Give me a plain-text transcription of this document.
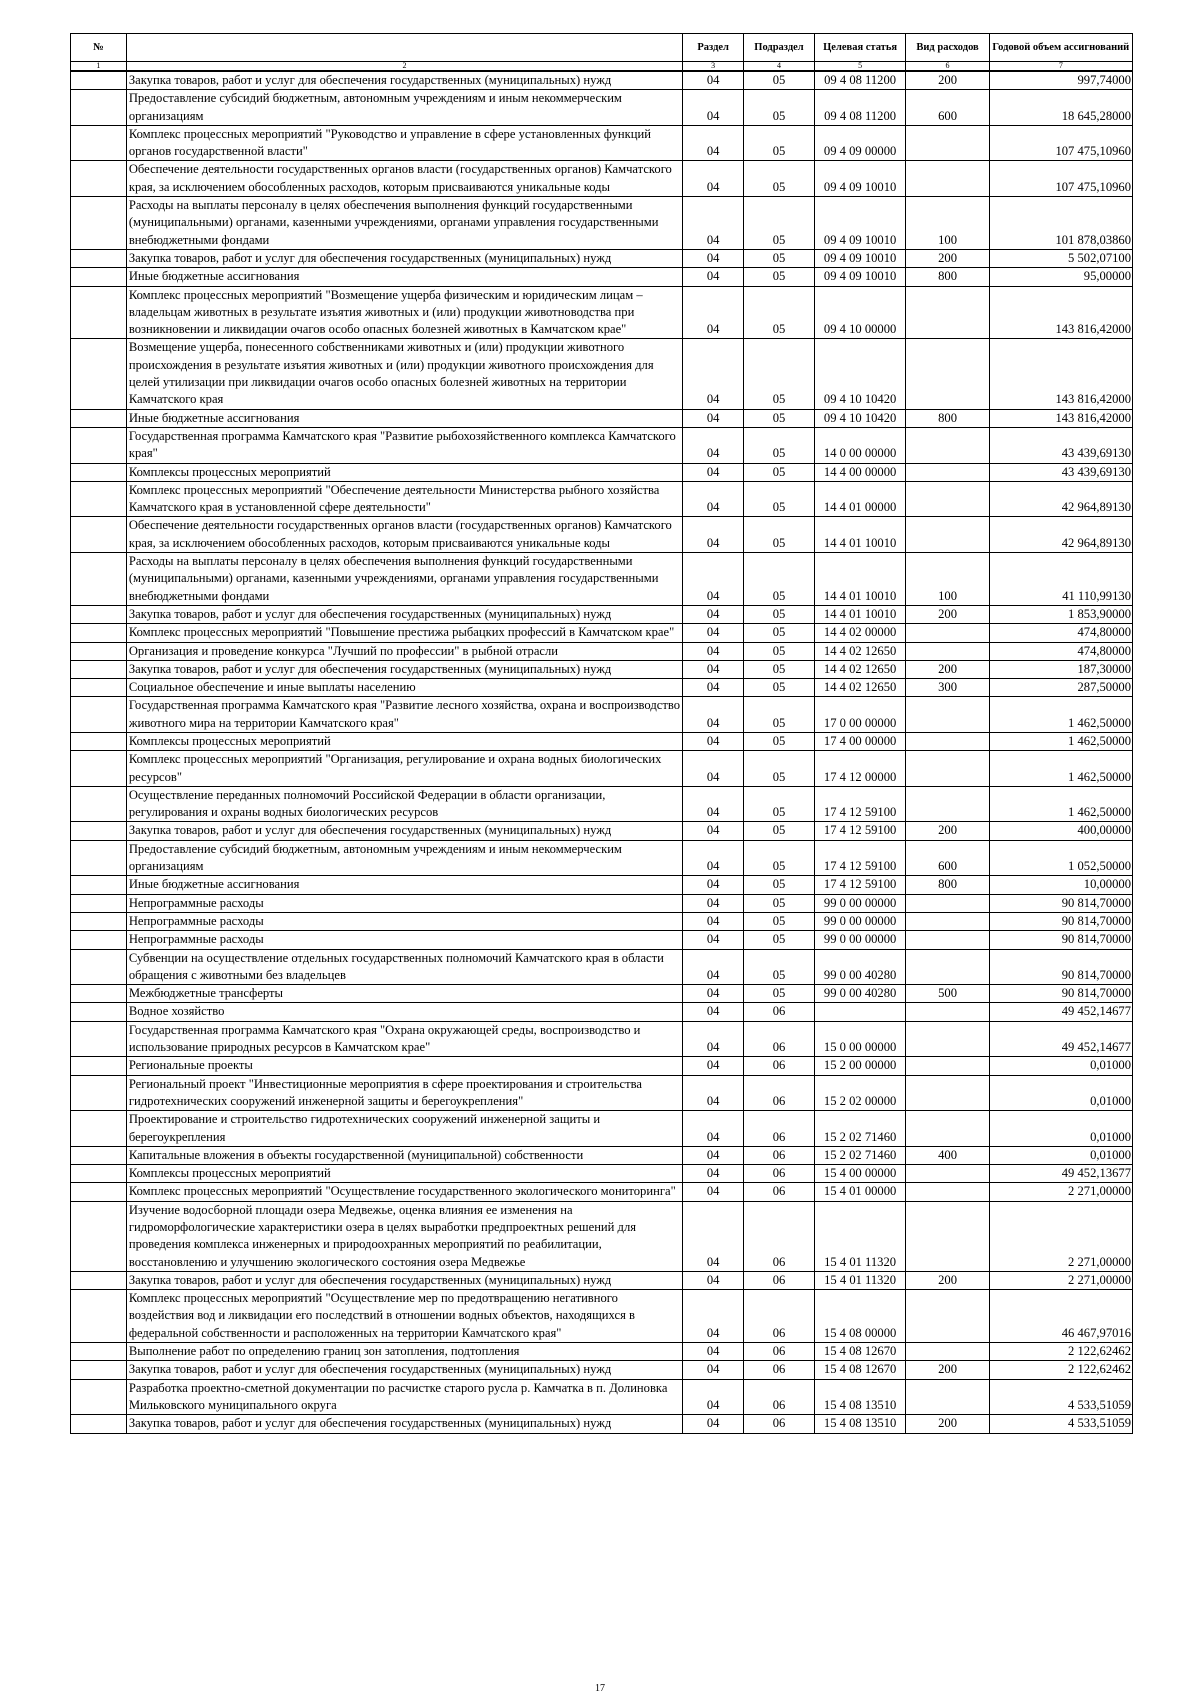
№		Раздел	Подраздел	Целевая статья	Вид расходов	Годовой объем ассигнований
1	2	3	4	5	6	7
	Закупка товаров, работ и услуг для обеспечения государственных (муниципальных) нужд	04	05	09 4 08 11200	200	997,74000
	Предоставление субсидий бюджетным, автономным учреждениям и иным некоммерческим организациям	04	05	09 4 08 11200	600	18 645,28000
	Комплекс процессных мероприятий "Руководство и управление в сфере установленных функций органов государственной власти"	04	05	09 4 09 00000		107 475,10960
	Обеспечение деятельности государственных органов власти (государственных органов) Камчатского края, за исключением обособленных расходов, которым присваиваются уникальные коды	04	05	09 4 09 10010		107 475,10960
	Расходы на выплаты персоналу в целях обеспечения выполнения функций государственными (муниципальными) органами, казенными учреждениями, органами управления государственными внебюджетными фондами	04	05	09 4 09 10010	100	101 878,03860
	Закупка товаров, работ и услуг для обеспечения государственных (муниципальных) нужд	04	05	09 4 09 10010	200	5 502,07100
	Иные бюджетные ассигнования	04	05	09 4 09 10010	800	95,00000
	Комплекс процессных мероприятий "Возмещение ущерба физическим и юридическим лицам – владельцам животных в результате изъятия животных и (или) продукции животноводства при возникновении и ликвидации очагов особо опасных болезней животных в Камчатском крае"	04	05	09 4 10 00000		143 816,42000
	Возмещение ущерба, понесенного собственниками животных и (или) продукции животного происхождения в результате изъятия животных и (или) продукции животного происхождения для целей утилизации при ликвидации очагов особо опасных болезней животных на территории Камчатского края	04	05	09 4 10 10420		143 816,42000
	Иные бюджетные ассигнования	04	05	09 4 10 10420	800	143 816,42000
	Государственная программа Камчатского края "Развитие рыбохозяйственного комплекса Камчатского края"	04	05	14 0 00 00000		43 439,69130
	Комплексы процессных мероприятий	04	05	14 4 00 00000		43 439,69130
	Комплекс процессных мероприятий "Обеспечение деятельности Министерства рыбного хозяйства Камчатского края в установленной сфере деятельности"	04	05	14 4 01 00000		42 964,89130
	Обеспечение деятельности государственных органов власти (государственных органов) Камчатского края, за исключением обособленных расходов, которым присваиваются уникальные коды	04	05	14 4 01 10010		42 964,89130
	Расходы на выплаты персоналу в целях обеспечения выполнения функций государственными (муниципальными) органами, казенными учреждениями, органами управления государственными внебюджетными фондами	04	05	14 4 01 10010	100	41 110,99130
	Закупка товаров, работ и услуг для обеспечения государственных (муниципальных) нужд	04	05	14 4 01 10010	200	1 853,90000
	Комплекс процессных мероприятий "Повышение престижа рыбацких профессий в Камчатском крае"	04	05	14 4 02 00000		474,80000
	Организация и проведение конкурса "Лучший по профессии" в рыбной отрасли	04	05	14 4 02 12650		474,80000
	Закупка товаров, работ и услуг для обеспечения государственных (муниципальных) нужд	04	05	14 4 02 12650	200	187,30000
	Социальное обеспечение и иные выплаты населению	04	05	14 4 02 12650	300	287,50000
	Государственная программа Камчатского края "Развитие лесного хозяйства, охрана и воспроизводство животного мира на территории Камчатского края"	04	05	17 0 00 00000		1 462,50000
	Комплексы процессных мероприятий	04	05	17 4 00 00000		1 462,50000
	Комплекс процессных мероприятий "Организация, регулирование и охрана водных биологических ресурсов"	04	05	17 4 12 00000		1 462,50000
	Осуществление переданных полномочий Российской Федерации в области организации, регулирования и охраны водных биологических ресурсов	04	05	17 4 12 59100		1 462,50000
	Закупка товаров, работ и услуг для обеспечения государственных (муниципальных) нужд	04	05	17 4 12 59100	200	400,00000
	Предоставление субсидий бюджетным, автономным учреждениям и иным некоммерческим организациям	04	05	17 4 12 59100	600	1 052,50000
	Иные бюджетные ассигнования	04	05	17 4 12 59100	800	10,00000
	Непрограммные расходы	04	05	99 0 00 00000		90 814,70000
	Непрограммные расходы	04	05	99 0 00 00000		90 814,70000
	Непрограммные расходы	04	05	99 0 00 00000		90 814,70000
	Субвенции на осуществление отдельных государственных полномочий Камчатского края в области обращения с животными без владельцев	04	05	99 0 00 40280		90 814,70000
	Межбюджетные трансферты	04	05	99 0 00 40280	500	90 814,70000
	Водное хозяйство	04	06			49 452,14677
	Государственная программа Камчатского края "Охрана окружающей среды, воспроизводство и использование природных ресурсов в Камчатском крае"	04	06	15 0 00 00000		49 452,14677
	Региональные проекты	04	06	15 2 00 00000		0,01000
	Региональный проект "Инвестиционные мероприятия в сфере проектирования и строительства гидротехнических сооружений инженерной защиты и берегоукрепления"	04	06	15 2 02 00000		0,01000
	Проектирование и строительство гидротехнических сооружений инженерной защиты и берегоукрепления	04	06	15 2 02 71460		0,01000
	Капитальные вложения в объекты государственной (муниципальной) собственности	04	06	15 2 02 71460	400	0,01000
	Комплексы процессных мероприятий	04	06	15 4 00 00000		49 452,13677
	Комплекс процессных мероприятий "Осуществление государственного экологического мониторинга"	04	06	15 4 01 00000		2 271,00000
	Изучение водосборной площади озера Медвежье, оценка влияния ее изменения на гидроморфологические характеристики озера в целях выработки предпроектных решений для проведения комплекса инженерных и природоохранных мероприятий по реабилитации, восстановлению и улучшению экологического состояния озера Медвежье	04	06	15 4 01 11320		2 271,00000
	Закупка товаров, работ и услуг для обеспечения государственных (муниципальных) нужд	04	06	15 4 01 11320	200	2 271,00000
	Комплекс процессных мероприятий "Осуществление мер по предотвращению негативного воздействия вод и ликвидации его последствий в отношении водных объектов, находящихся в федеральной собственности и расположенных на территории Камчатского края"	04	06	15 4 08 00000		46 467,97016
	Выполнение работ по определению границ зон затопления, подтопления	04	06	15 4 08 12670		2 122,62462
	Закупка товаров, работ и услуг для обеспечения государственных (муниципальных) нужд	04	06	15 4 08 12670	200	2 122,62462
	Разработка проектно-сметной документации по расчистке старого русла р. Камчатка в п. Долиновка Мильковского муниципального округа	04	06	15 4 08 13510		4 533,51059
	Закупка товаров, работ и услуг для обеспечения государственных (муниципальных) нужд	04	06	15 4 08 13510	200	4 533,51059
17
